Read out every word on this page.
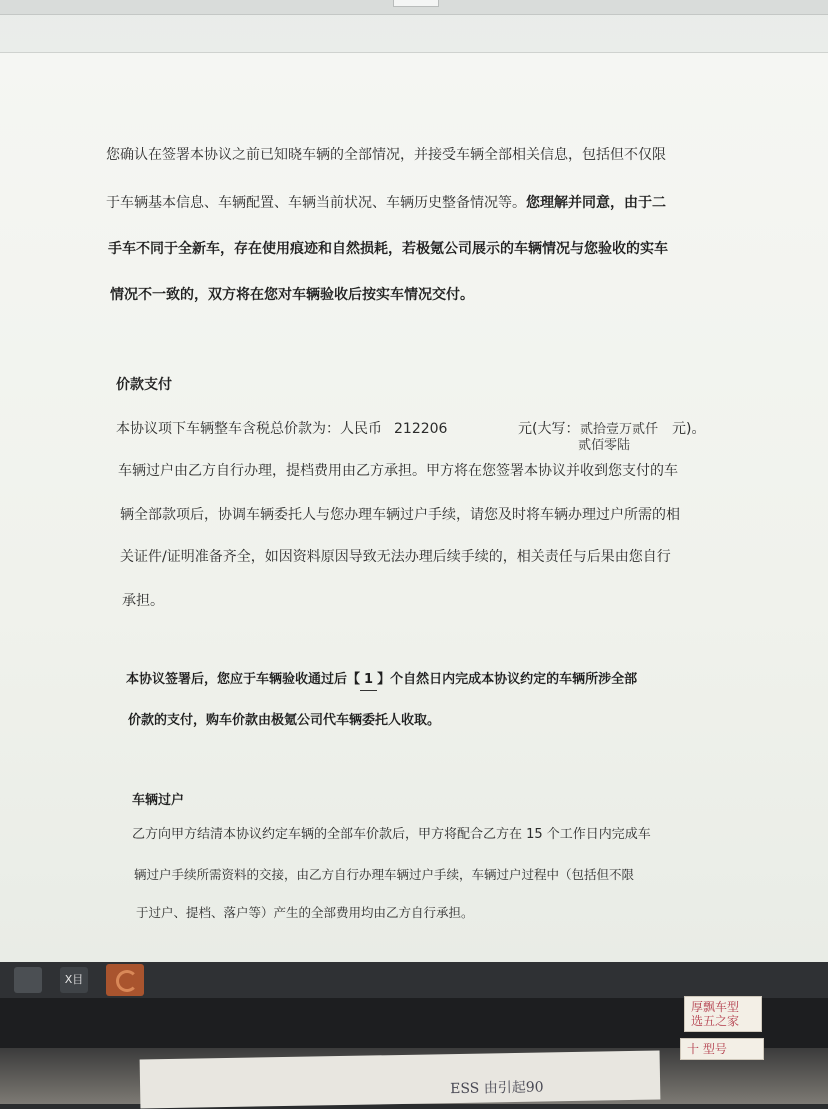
您确认在签署本协议之前已知晓车辆的全部情况，并接受车辆全部相关信息，包括但不仅限
于车辆基本信息、车辆配置、车辆当前状况、车辆历史整备情况等。您理解并同意，由于二
手车不同于全新车，存在使用痕迹和自然损耗，若极氪公司展示的车辆情况与您验收的实车
情况不一致的，双方将在您对车辆验收后按实车情况交付。
价款支付
本协议项下车辆整车含税总价款为：人民币 212206	元(大写： 贰拾壹万贰仟
贰佰零陆
元)。
车辆过户由乙方自行办理，提档费用由乙方承担。甲方将在您签署本协议并收到您支付的车
辆全部款项后，协调车辆委托人与您办理车辆过户手续，请您及时将车辆办理过户所需的相
关证件/证明准备齐全，如因资料原因导致无法办理后续手续的，相关责任与后果由您自行
承担。
本协议签署后，您应于车辆验收通过后【 1 】个自然日内完成本协议约定的车辆所涉全部
价款的支付，购车价款由极氪公司代车辆委托人收取。
车辆过户
乙方向甲方结清本协议约定车辆的全部车价款后，甲方将配合乙方在 15 个工作日内完成车
辆过户手续所需资料的交接，由乙方自行办理车辆过户手续，车辆过户过程中（包括但不限
于过户、提档、落户等）产生的全部费用均由乙方自行承担。
X目
ESS 由引起90
厚飘车型
选五之家
十 型号
